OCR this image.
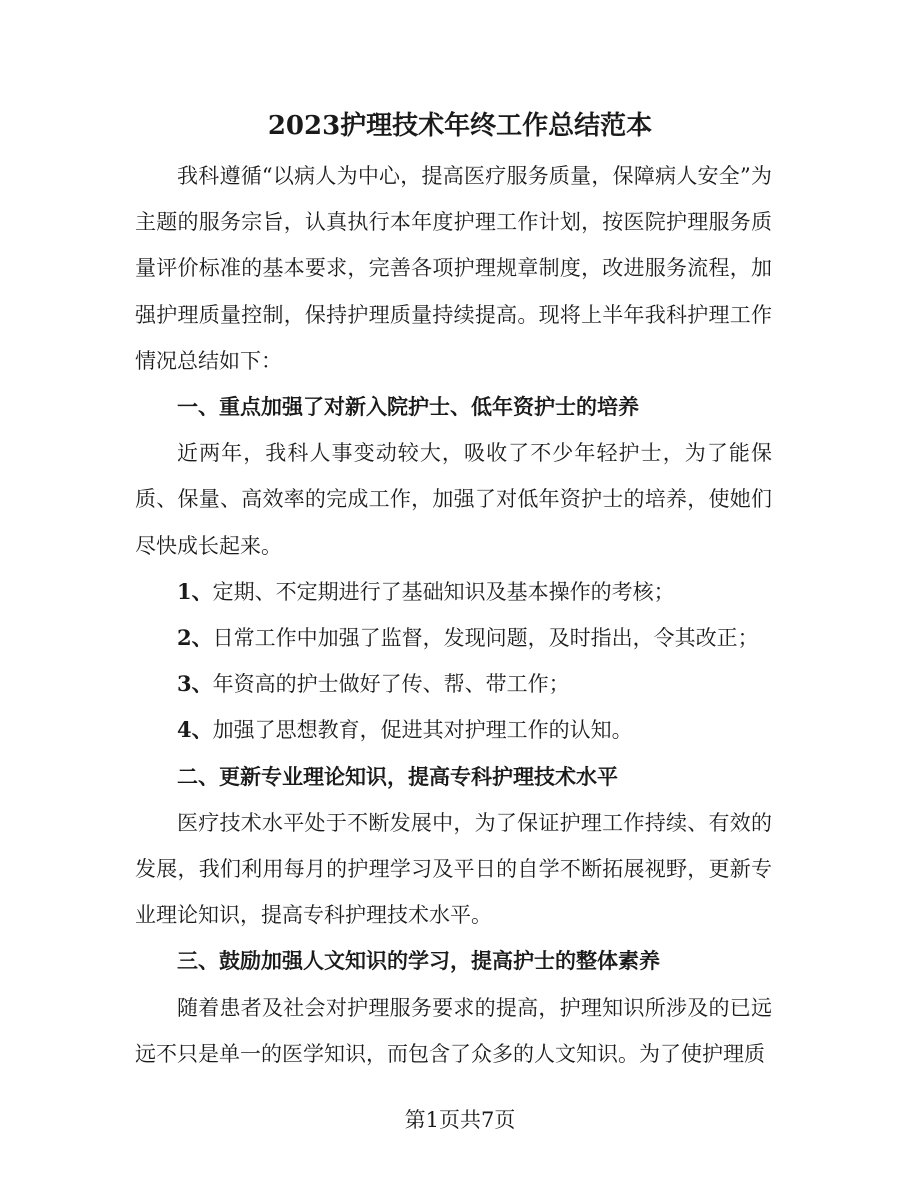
2023护理技术年终工作总结范本

我科遵循“以病人为中心，提高医疗服务质量，保障病人安全”为主题的服务宗旨，认真执行本年度护理工作计划，按医院护理服务质量评价标准的基本要求，完善各项护理规章制度，改进服务流程，加强护理质量控制，保持护理质量持续提高。现将上半年我科护理工作情况总结如下：

一、重点加强了对新入院护士、低年资护士的培养

近两年，我科人事变动较大，吸收了不少年轻护士，为了能保质、保量、高效率的完成工作，加强了对低年资护士的培养，使她们尽快成长起来。

1、定期、不定期进行了基础知识及基本操作的考核；

2、日常工作中加强了监督，发现问题，及时指出，令其改正；

3、年资高的护士做好了传、帮、带工作；

4、加强了思想教育，促进其对护理工作的认知。

二、更新专业理论知识，提高专科护理技术水平

医疗技术水平处于不断发展中，为了保证护理工作持续、有效的发展，我们利用每月的护理学习及平日的自学不断拓展视野，更新专业理论知识，提高专科护理技术水平。

三、鼓励加强人文知识的学习，提高护士的整体素养

随着患者及社会对护理服务要求的提高，护理知识所涉及的已远远不只是单一的医学知识，而包含了众多的人文知识。为了使护理质

第1页共7页
